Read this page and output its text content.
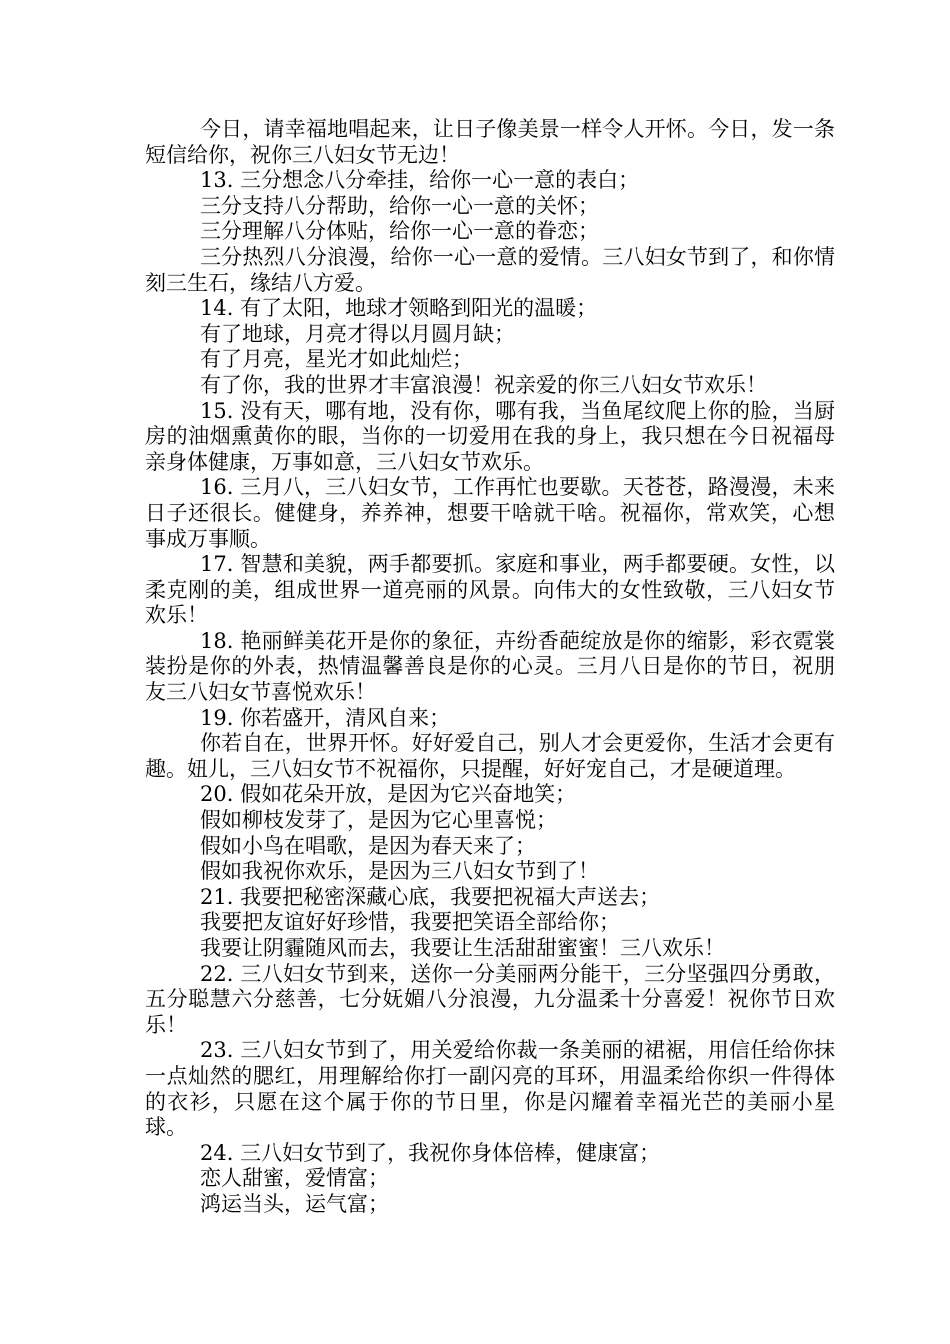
今日，请幸福地唱起来，让日子像美景一样令人开怀。今日，发一条短信给你，祝你三八妇女节无边！

13. 三分想念八分牵挂，给你一心一意的表白；

三分支持八分帮助，给你一心一意的关怀；

三分理解八分体贴，给你一心一意的眷恋；

三分热烈八分浪漫，给你一心一意的爱情。三八妇女节到了，和你情刻三生石，缘结八方爱。

14. 有了太阳，地球才领略到阳光的温暖；

有了地球，月亮才得以月圆月缺；

有了月亮，星光才如此灿烂；

有了你，我的世界才丰富浪漫！祝亲爱的你三八妇女节欢乐！

15. 没有天，哪有地，没有你，哪有我，当鱼尾纹爬上你的脸，当厨房的油烟熏黄你的眼，当你的一切爱用在我的身上，我只想在今日祝福母亲身体健康，万事如意，三八妇女节欢乐。

16. 三月八，三八妇女节，工作再忙也要歇。天苍苍，路漫漫，未来日子还很长。健健身，养养神，想要干啥就干啥。祝福你，常欢笑，心想事成万事顺。

17. 智慧和美貌，两手都要抓。家庭和事业，两手都要硬。女性，以柔克刚的美，组成世界一道亮丽的风景。向伟大的女性致敬，三八妇女节欢乐！

18. 艳丽鲜美花开是你的象征，卉纷香葩绽放是你的缩影，彩衣霓裳装扮是你的外表，热情温馨善良是你的心灵。三月八日是你的节日，祝朋友三八妇女节喜悦欢乐！

19. 你若盛开，清风自来；

你若自在，世界开怀。好好爱自己，别人才会更爱你，生活才会更有趣。妞儿，三八妇女节不祝福你，只提醒，好好宠自己，才是硬道理。

20. 假如花朵开放，是因为它兴奋地笑；

假如柳枝发芽了，是因为它心里喜悦；

假如小鸟在唱歌，是因为春天来了；

假如我祝你欢乐，是因为三八妇女节到了！

21. 我要把秘密深藏心底，我要把祝福大声送去；

我要把友谊好好珍惜，我要把笑语全部给你；

我要让阴霾随风而去，我要让生活甜甜蜜蜜！三八欢乐！

22. 三八妇女节到来，送你一分美丽两分能干，三分坚强四分勇敢，五分聪慧六分慈善，七分妩媚八分浪漫，九分温柔十分喜爱！祝你节日欢乐！

23. 三八妇女节到了，用关爱给你裁一条美丽的裙裾，用信任给你抹一点灿然的腮红，用理解给你打一副闪亮的耳环，用温柔给你织一件得体的衣衫，只愿在这个属于你的节日里，你是闪耀着幸福光芒的美丽小星球。

24. 三八妇女节到了，我祝你身体倍棒，健康富；

恋人甜蜜，爱情富；

鸿运当头，运气富；
